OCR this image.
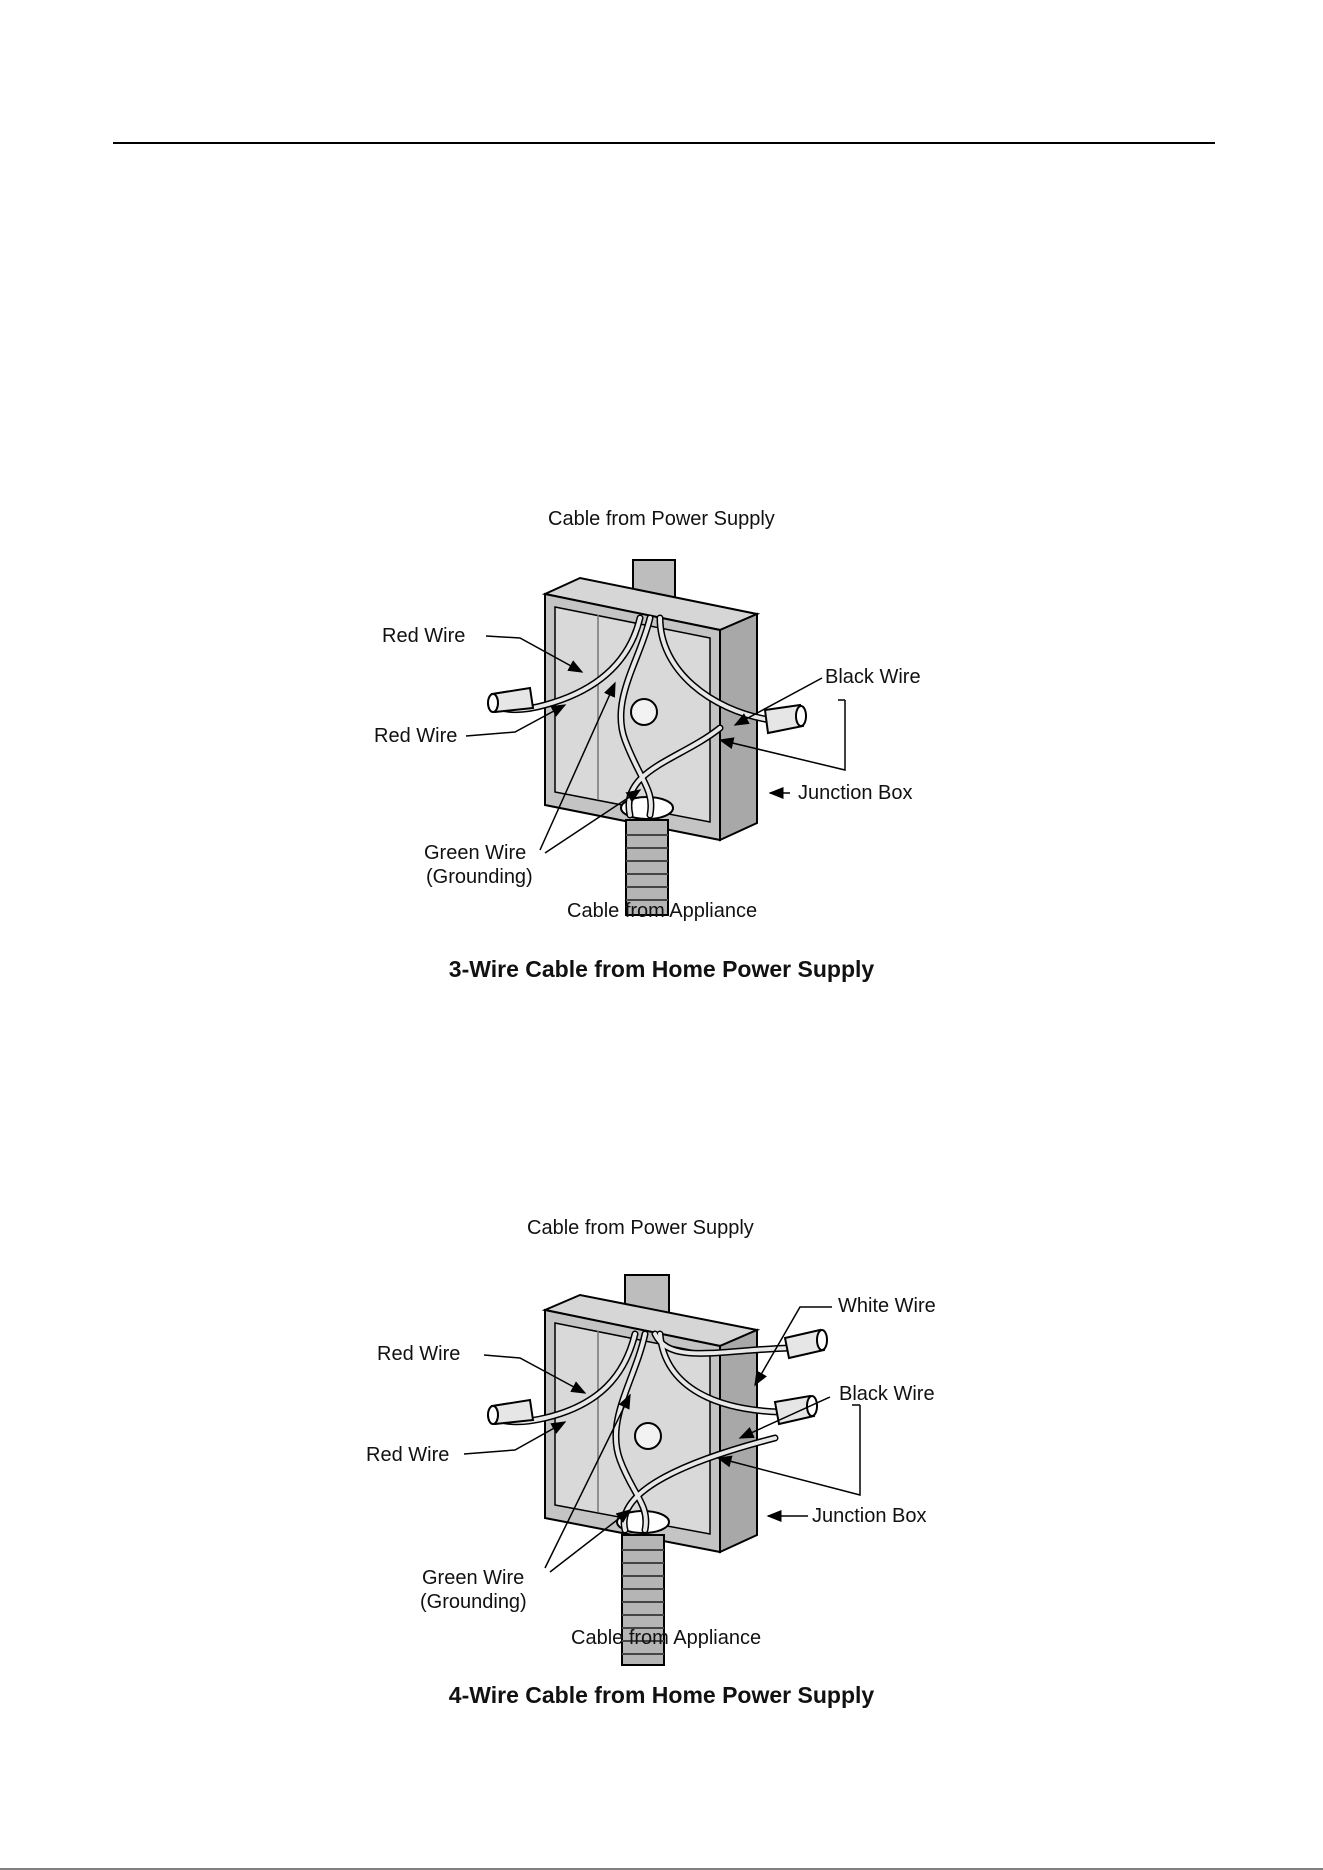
Cable from Power Supply
Red Wire
Red Wire
Black Wire
Junction Box
Green Wire
(Grounding)
Cable from Appliance
3-Wire Cable from Home Power Supply
Cable from Power Supply
White Wire
Red Wire
Black Wire
Red Wire
Junction Box
Green Wire
(Grounding)
Cable from Appliance
4-Wire Cable from Home Power Supply
